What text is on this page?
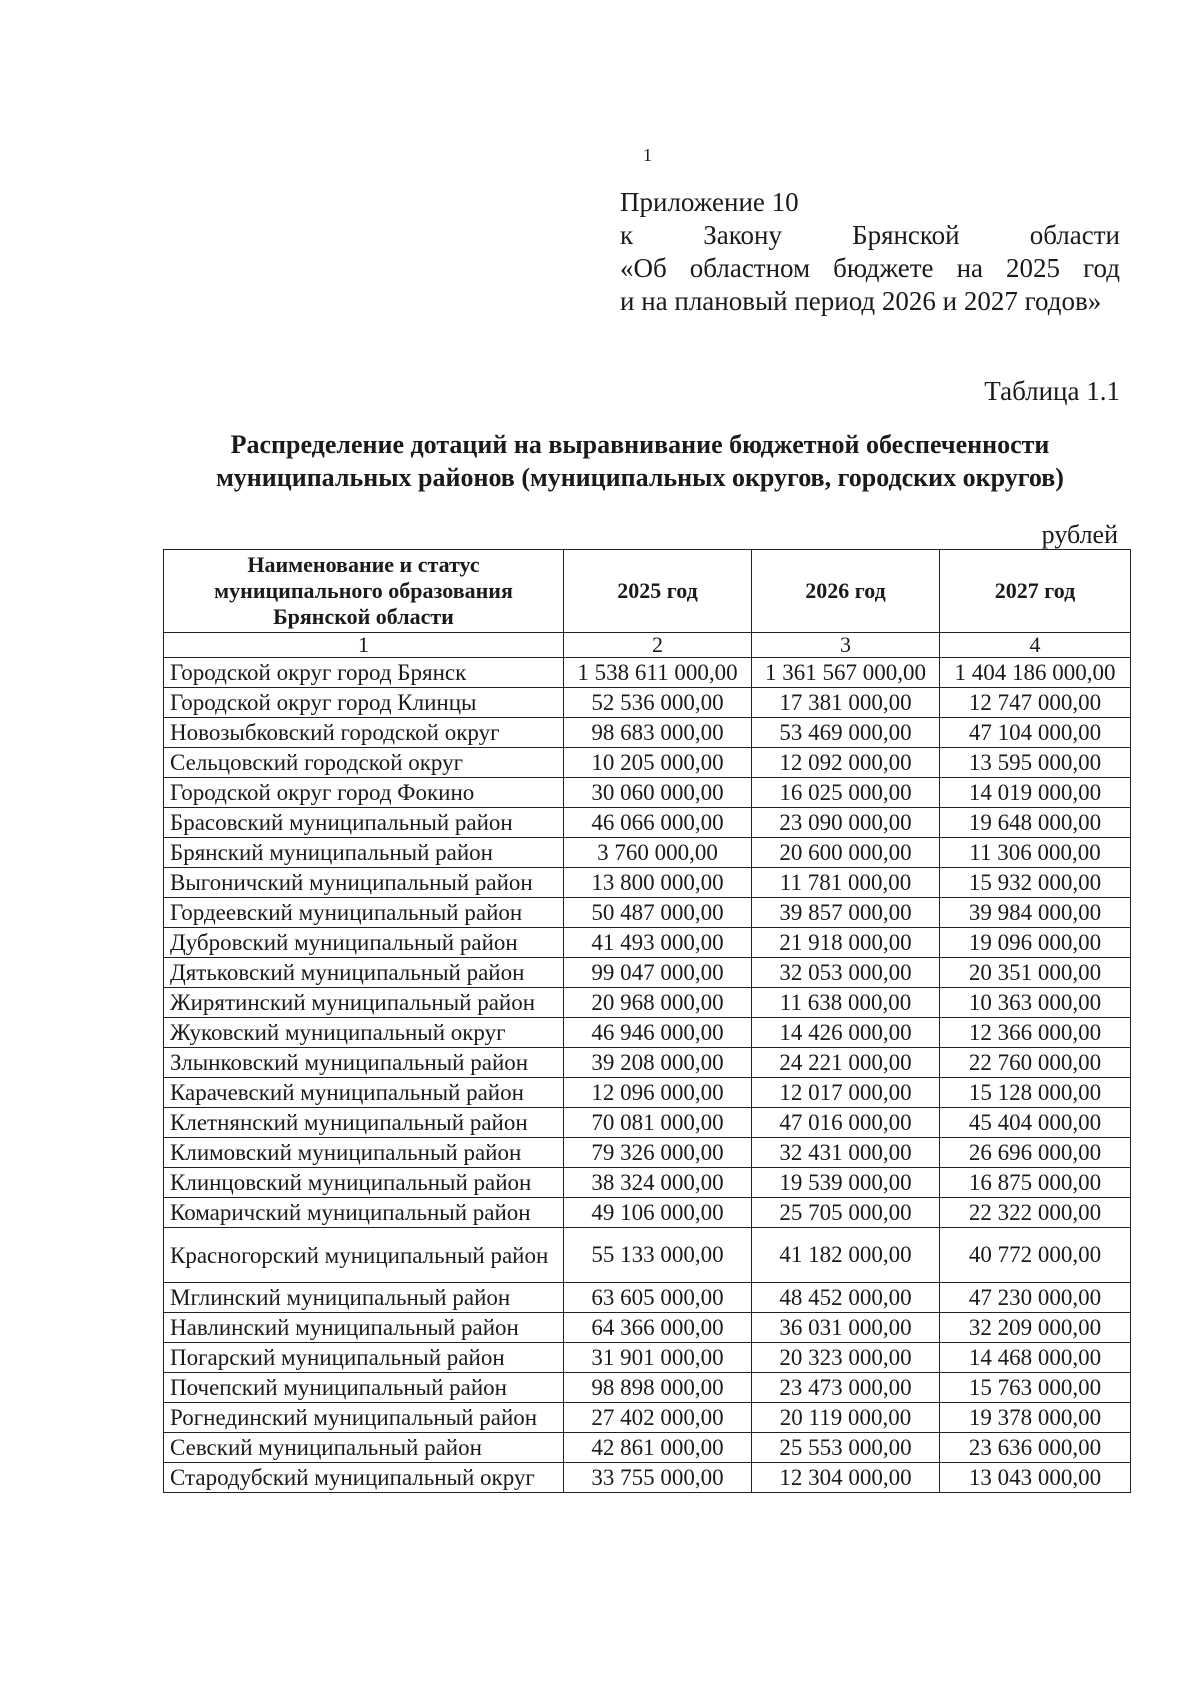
1
Приложение 10
к	Закону	Брянской	области
«Об областном бюджете на 2025 год
и на плановый период 2026 и 2027 годов»
Таблица 1.1
Распределение дотаций на выравнивание бюджетной обеспеченности
муниципальных районов (муниципальных округов, городских округов)
рублей
Наименование и статус муниципального образования Брянской области	2025 год	2026 год	2027 год
1	2	3	4
Городской округ город Брянск	1 538 611 000,00	1 361 567 000,00	1 404 186 000,00
Городской округ город Клинцы	52 536 000,00	17 381 000,00	12 747 000,00
Новозыбковский городской округ	98 683 000,00	53 469 000,00	47 104 000,00
Сельцовский городской округ	10 205 000,00	12 092 000,00	13 595 000,00
Городской округ город Фокино	30 060 000,00	16 025 000,00	14 019 000,00
Брасовский муниципальный район	46 066 000,00	23 090 000,00	19 648 000,00
Брянский муниципальный район	3 760 000,00	20 600 000,00	11 306 000,00
Выгоничский муниципальный район	13 800 000,00	11 781 000,00	15 932 000,00
Гордеевский муниципальный район	50 487 000,00	39 857 000,00	39 984 000,00
Дубровский муниципальный район	41 493 000,00	21 918 000,00	19 096 000,00
Дятьковский муниципальный район	99 047 000,00	32 053 000,00	20 351 000,00
Жирятинский муниципальный район	20 968 000,00	11 638 000,00	10 363 000,00
Жуковский муниципальный округ	46 946 000,00	14 426 000,00	12 366 000,00
Злынковский муниципальный район	39 208 000,00	24 221 000,00	22 760 000,00
Карачевский муниципальный район	12 096 000,00	12 017 000,00	15 128 000,00
Клетнянский муниципальный район	70 081 000,00	47 016 000,00	45 404 000,00
Климовский муниципальный район	79 326 000,00	32 431 000,00	26 696 000,00
Клинцовский муниципальный район	38 324 000,00	19 539 000,00	16 875 000,00
Комаричский муниципальный район	49 106 000,00	25 705 000,00	22 322 000,00
Красногорский муниципальный район	55 133 000,00	41 182 000,00	40 772 000,00
Мглинский муниципальный район	63 605 000,00	48 452 000,00	47 230 000,00
Навлинский муниципальный район	64 366 000,00	36 031 000,00	32 209 000,00
Погарский муниципальный район	31 901 000,00	20 323 000,00	14 468 000,00
Почепский муниципальный район	98 898 000,00	23 473 000,00	15 763 000,00
Рогнединский муниципальный район	27 402 000,00	20 119 000,00	19 378 000,00
Севский муниципальный район	42 861 000,00	25 553 000,00	23 636 000,00
Стародубский муниципальный округ	33 755 000,00	12 304 000,00	13 043 000,00
